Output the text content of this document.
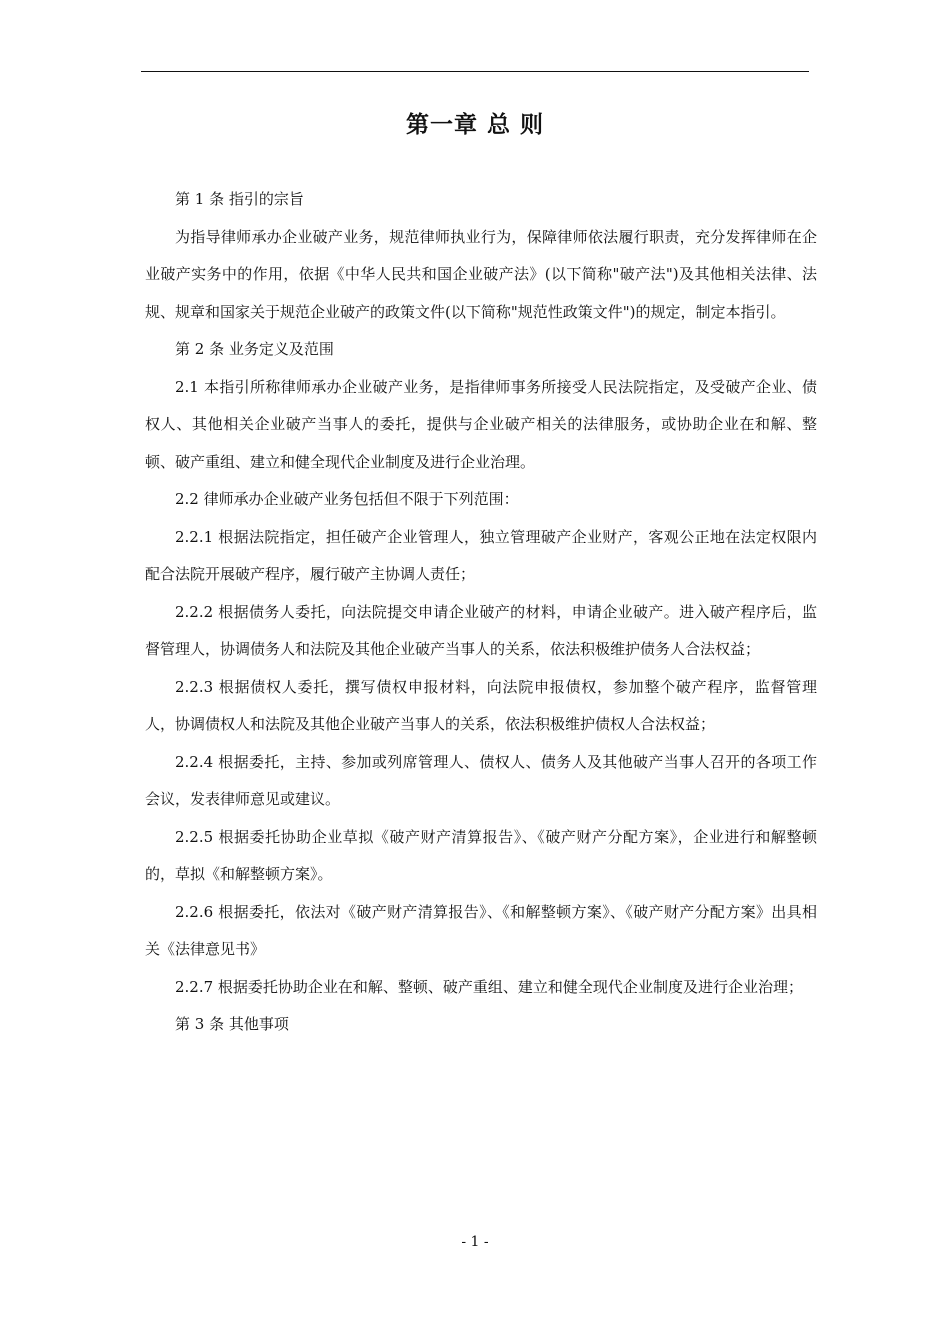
第一章 总 则

第 1 条 指引的宗旨

为指导律师承办企业破产业务，规范律师执业行为，保障律师依法履行职责，充分发挥律师在企业破产实务中的作用，依据《中华人民共和国企业破产法》(以下简称"破产法")及其他相关法律、法规、规章和国家关于规范企业破产的政策文件(以下简称"规范性政策文件")的规定，制定本指引。

第 2 条 业务定义及范围

2.1 本指引所称律师承办企业破产业务，是指律师事务所接受人民法院指定，及受破产企业、债权人、其他相关企业破产当事人的委托，提供与企业破产相关的法律服务，或协助企业在和解、整顿、破产重组、建立和健全现代企业制度及进行企业治理。

2.2 律师承办企业破产业务包括但不限于下列范围：

2.2.1 根据法院指定，担任破产企业管理人，独立管理破产企业财产，客观公正地在法定权限内配合法院开展破产程序，履行破产主协调人责任；

2.2.2 根据债务人委托，向法院提交申请企业破产的材料，申请企业破产。进入破产程序后，监督管理人，协调债务人和法院及其他企业破产当事人的关系，依法积极维护债务人合法权益；

2.2.3 根据债权人委托，撰写债权申报材料，向法院申报债权，参加整个破产程序，监督管理人，协调债权人和法院及其他企业破产当事人的关系，依法积极维护债权人合法权益；

2.2.4 根据委托，主持、参加或列席管理人、债权人、债务人及其他破产当事人召开的各项工作会议，发表律师意见或建议。

2.2.5 根据委托协助企业草拟《破产财产清算报告》、《破产财产分配方案》，企业进行和解整顿的，草拟《和解整顿方案》。

2.2.6 根据委托，依法对《破产财产清算报告》、《和解整顿方案》、《破产财产分配方案》出具相关《法律意见书》

2.2.7 根据委托协助企业在和解、整顿、破产重组、建立和健全现代企业制度及进行企业治理；

第 3 条 其他事项

- 1 -
